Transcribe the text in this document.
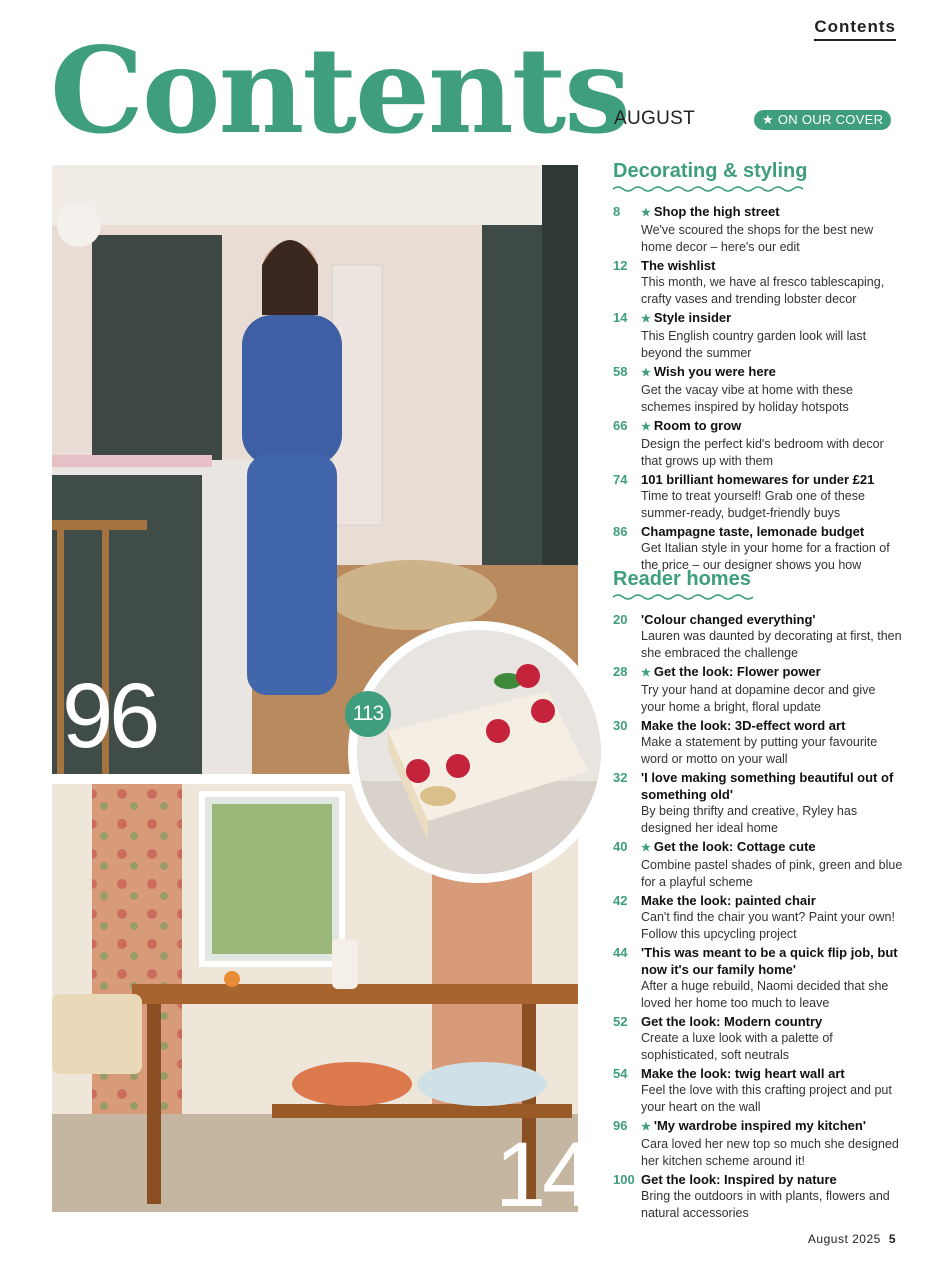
Contents
Contents
AUGUST	★ ON OUR COVER
96
14
113
Decorating & styling
8	★ Shop the high street
We've scoured the shops for the best new home decor – here's our edit
12	The wishlist
This month, we have al fresco tablescaping, crafty vases and trending lobster decor
14	★ Style insider
This English country garden look will last beyond the summer
58	★ Wish you were here
Get the vacay vibe at home with these schemes inspired by holiday hotspots
66	★ Room to grow
Design the perfect kid's bedroom with decor that grows up with them
74	101 brilliant homewares for under £21
Time to treat yourself! Grab one of these summer-ready, budget-friendly buys
86	Champagne taste, lemonade budget
Get Italian style in your home for a fraction of the price – our designer shows you how
Reader homes
20	'Colour changed everything'
Lauren was daunted by decorating at first, then she embraced the challenge
28	★ Get the look: Flower power
Try your hand at dopamine decor and give your home a bright, floral update
30	Make the look: 3D-effect word art
Make a statement by putting your favourite word or motto on your wall
32	'I love making something beautiful out of something old'
By being thrifty and creative, Ryley has designed her ideal home
40	★ Get the look: Cottage cute
Combine pastel shades of pink, green and blue for a playful scheme
42	Make the look: painted chair
Can't find the chair you want? Paint your own! Follow this upcycling project
44	'This was meant to be a quick flip job, but now it's our family home'
After a huge rebuild, Naomi decided that she loved her home too much to leave
52	Get the look: Modern country
Create a luxe look with a palette of sophisticated, soft neutrals
54	Make the look: twig heart wall art
Feel the love with this crafting project and put your heart on the wall
96	★ 'My wardrobe inspired my kitchen'
Cara loved her new top so much she designed her kitchen scheme around it!
100 Get the look: Inspired by nature
Bring the outdoors in with plants, flowers and natural accessories
August 2025 5
